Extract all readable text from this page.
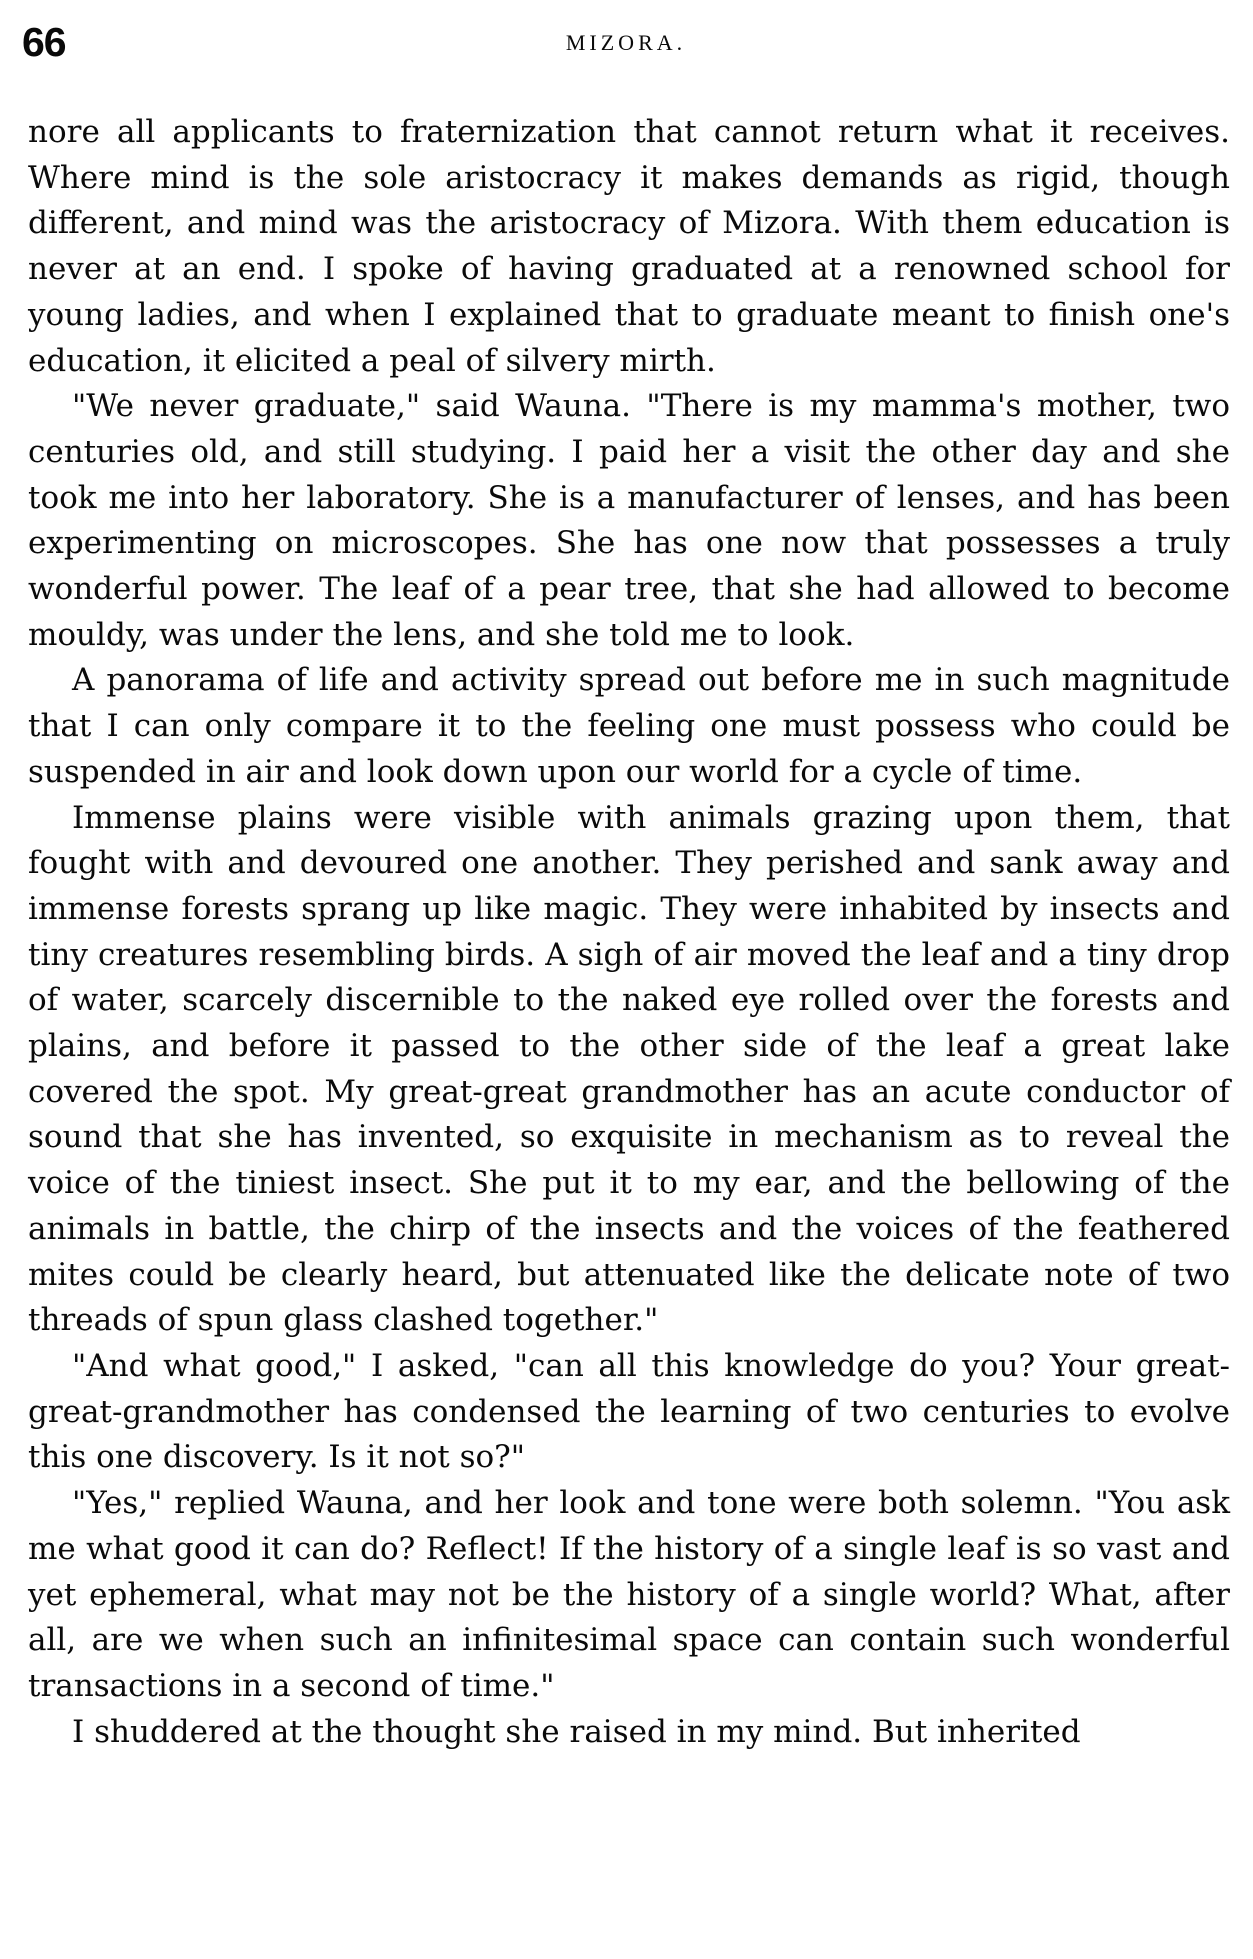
66	MIZORA.

nore all applicants to fraternization that cannot return what it receives. Where mind is the sole aristocracy it makes demands as rigid, though different, and mind was the aristocracy of Mizora. With them education is never at an end. I spoke of having graduated at a renowned school for young ladies, and when I explained that to graduate meant to finish one's education, it elicited a peal of silvery mirth.

"We never graduate," said Wauna. "There is my mamma's mother, two centuries old, and still studying. I paid her a visit the other day and she took me into her laboratory. She is a manufacturer of lenses, and has been experimenting on microscopes. She has one now that possesses a truly wonderful power. The leaf of a pear tree, that she had allowed to become mouldy, was under the lens, and she told me to look.

A panorama of life and activity spread out before me in such magnitude that I can only compare it to the feeling one must possess who could be suspended in air and look down upon our world for a cycle of time.

Immense plains were visible with animals grazing upon them, that fought with and devoured one another. They perished and sank away and immense forests sprang up like magic. They were inhabited by insects and tiny creatures resembling birds. A sigh of air moved the leaf and a tiny drop of water, scarcely discernible to the naked eye rolled over the forests and plains, and before it passed to the other side of the leaf a great lake covered the spot. My great-great grandmother has an acute conductor of sound that she has invented, so exquisite in mechanism as to reveal the voice of the tiniest insect. She put it to my ear, and the bellowing of the animals in battle, the chirp of the insects and the voices of the feathered mites could be clearly heard, but attenuated like the delicate note of two threads of spun glass clashed together."

"And what good," I asked, "can all this knowledge do you? Your great-great-grandmother has condensed the learning of two centuries to evolve this one discovery. Is it not so?"

"Yes," replied Wauna, and her look and tone were both solemn. "You ask me what good it can do? Reflect! If the history of a single leaf is so vast and yet ephemeral, what may not be the history of a single world? What, after all, are we when such an infinitesimal space can contain such wonderful transactions in a second of time."

I shuddered at the thought she raised in my mind. But inherited
